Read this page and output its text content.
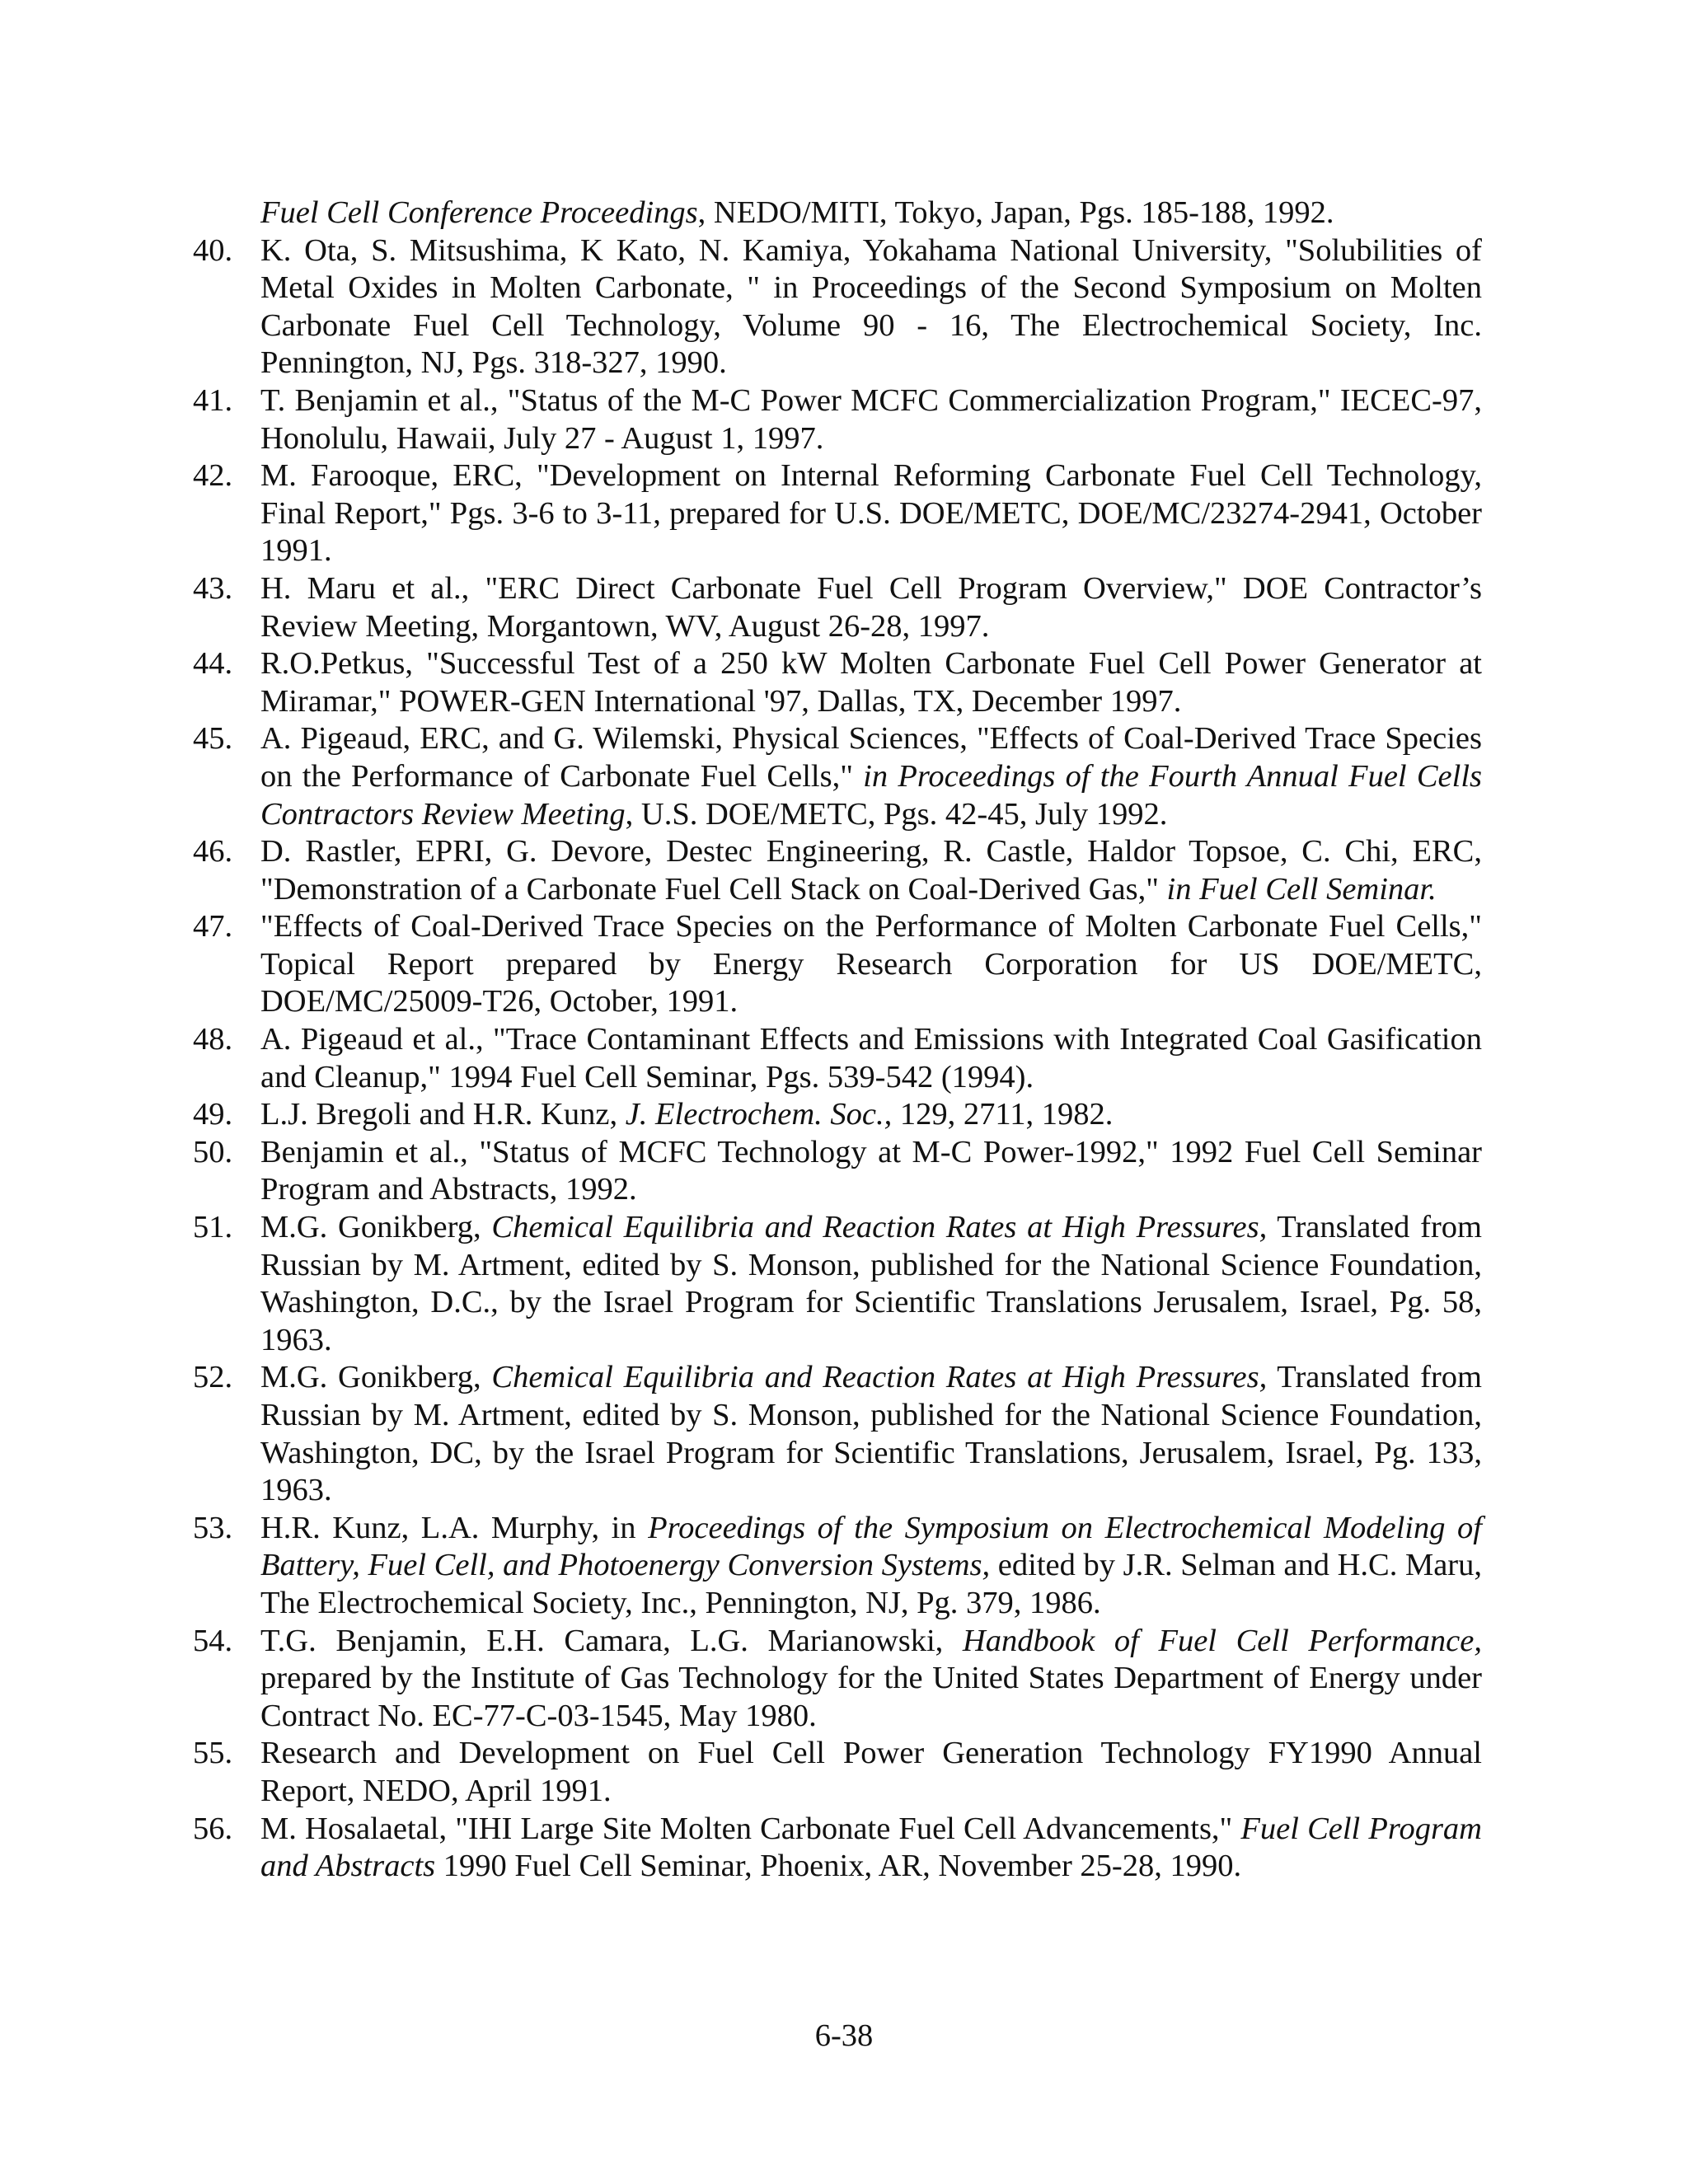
Fuel Cell Conference Proceedings, NEDO/MITI, Tokyo, Japan, Pgs. 185-188, 1992.
40. K. Ota, S. Mitsushima, K Kato, N. Kamiya, Yokahama National University, "Solubilities of Metal Oxides in Molten Carbonate, " in Proceedings of the Second Symposium on Molten Carbonate Fuel Cell Technology, Volume 90 - 16, The Electrochemical Society, Inc. Pennington, NJ, Pgs. 318-327, 1990.
41. T. Benjamin et al., "Status of the M-C Power MCFC Commercialization Program," IECEC-97, Honolulu, Hawaii, July 27 - August 1, 1997.
42. M. Farooque, ERC, "Development on Internal Reforming Carbonate Fuel Cell Technology, Final Report," Pgs. 3-6 to 3-11, prepared for U.S. DOE/METC, DOE/MC/23274-2941, October 1991.
43. H. Maru et al., "ERC Direct Carbonate Fuel Cell Program Overview," DOE Contractor’s Review Meeting, Morgantown, WV, August 26-28, 1997.
44. R.O.Petkus, "Successful Test of a 250 kW Molten Carbonate Fuel Cell Power Generator at Miramar," POWER-GEN International '97, Dallas, TX, December 1997.
45. A. Pigeaud, ERC, and G. Wilemski, Physical Sciences, "Effects of Coal-Derived Trace Species on the Performance of Carbonate Fuel Cells," in Proceedings of the Fourth Annual Fuel Cells Contractors Review Meeting, U.S. DOE/METC, Pgs. 42-45, July 1992.
46. D. Rastler, EPRI, G. Devore, Destec Engineering, R. Castle, Haldor Topsoe, C. Chi, ERC, "Demonstration of a Carbonate Fuel Cell Stack on Coal-Derived Gas," in Fuel Cell Seminar.
47. "Effects of Coal-Derived Trace Species on the Performance of Molten Carbonate Fuel Cells," Topical Report prepared by Energy Research Corporation for US DOE/METC, DOE/MC/25009-T26, October, 1991.
48. A. Pigeaud et al., "Trace Contaminant Effects and Emissions with Integrated Coal Gasification and Cleanup," 1994 Fuel Cell Seminar, Pgs. 539-542 (1994).
49. L.J. Bregoli and H.R. Kunz, J. Electrochem. Soc., 129, 2711, 1982.
50. Benjamin et al., "Status of MCFC Technology at M-C Power-1992," 1992 Fuel Cell Seminar Program and Abstracts, 1992.
51. M.G. Gonikberg, Chemical Equilibria and Reaction Rates at High Pressures, Translated from Russian by M. Artment, edited by S. Monson, published for the National Science Foundation, Washington, D.C., by the Israel Program for Scientific Translations Jerusalem, Israel, Pg. 58, 1963.
52. M.G. Gonikberg, Chemical Equilibria and Reaction Rates at High Pressures, Translated from Russian by M. Artment, edited by S. Monson, published for the National Science Foundation, Washington, DC, by the Israel Program for Scientific Translations, Jerusalem, Israel, Pg. 133, 1963.
53. H.R. Kunz, L.A. Murphy, in Proceedings of the Symposium on Electrochemical Modeling of Battery, Fuel Cell, and Photoenergy Conversion Systems, edited by J.R. Selman and H.C. Maru, The Electrochemical Society, Inc., Pennington, NJ, Pg. 379, 1986.
54. T.G. Benjamin, E.H. Camara, L.G. Marianowski, Handbook of Fuel Cell Performance, prepared by the Institute of Gas Technology for the United States Department of Energy under Contract No. EC-77-C-03-1545, May 1980.
55. Research and Development on Fuel Cell Power Generation Technology FY1990 Annual Report, NEDO, April 1991.
56. M. Hosalaetal, "IHI Large Site Molten Carbonate Fuel Cell Advancements," Fuel Cell Program and Abstracts 1990 Fuel Cell Seminar, Phoenix, AR, November 25-28, 1990.
6-38
